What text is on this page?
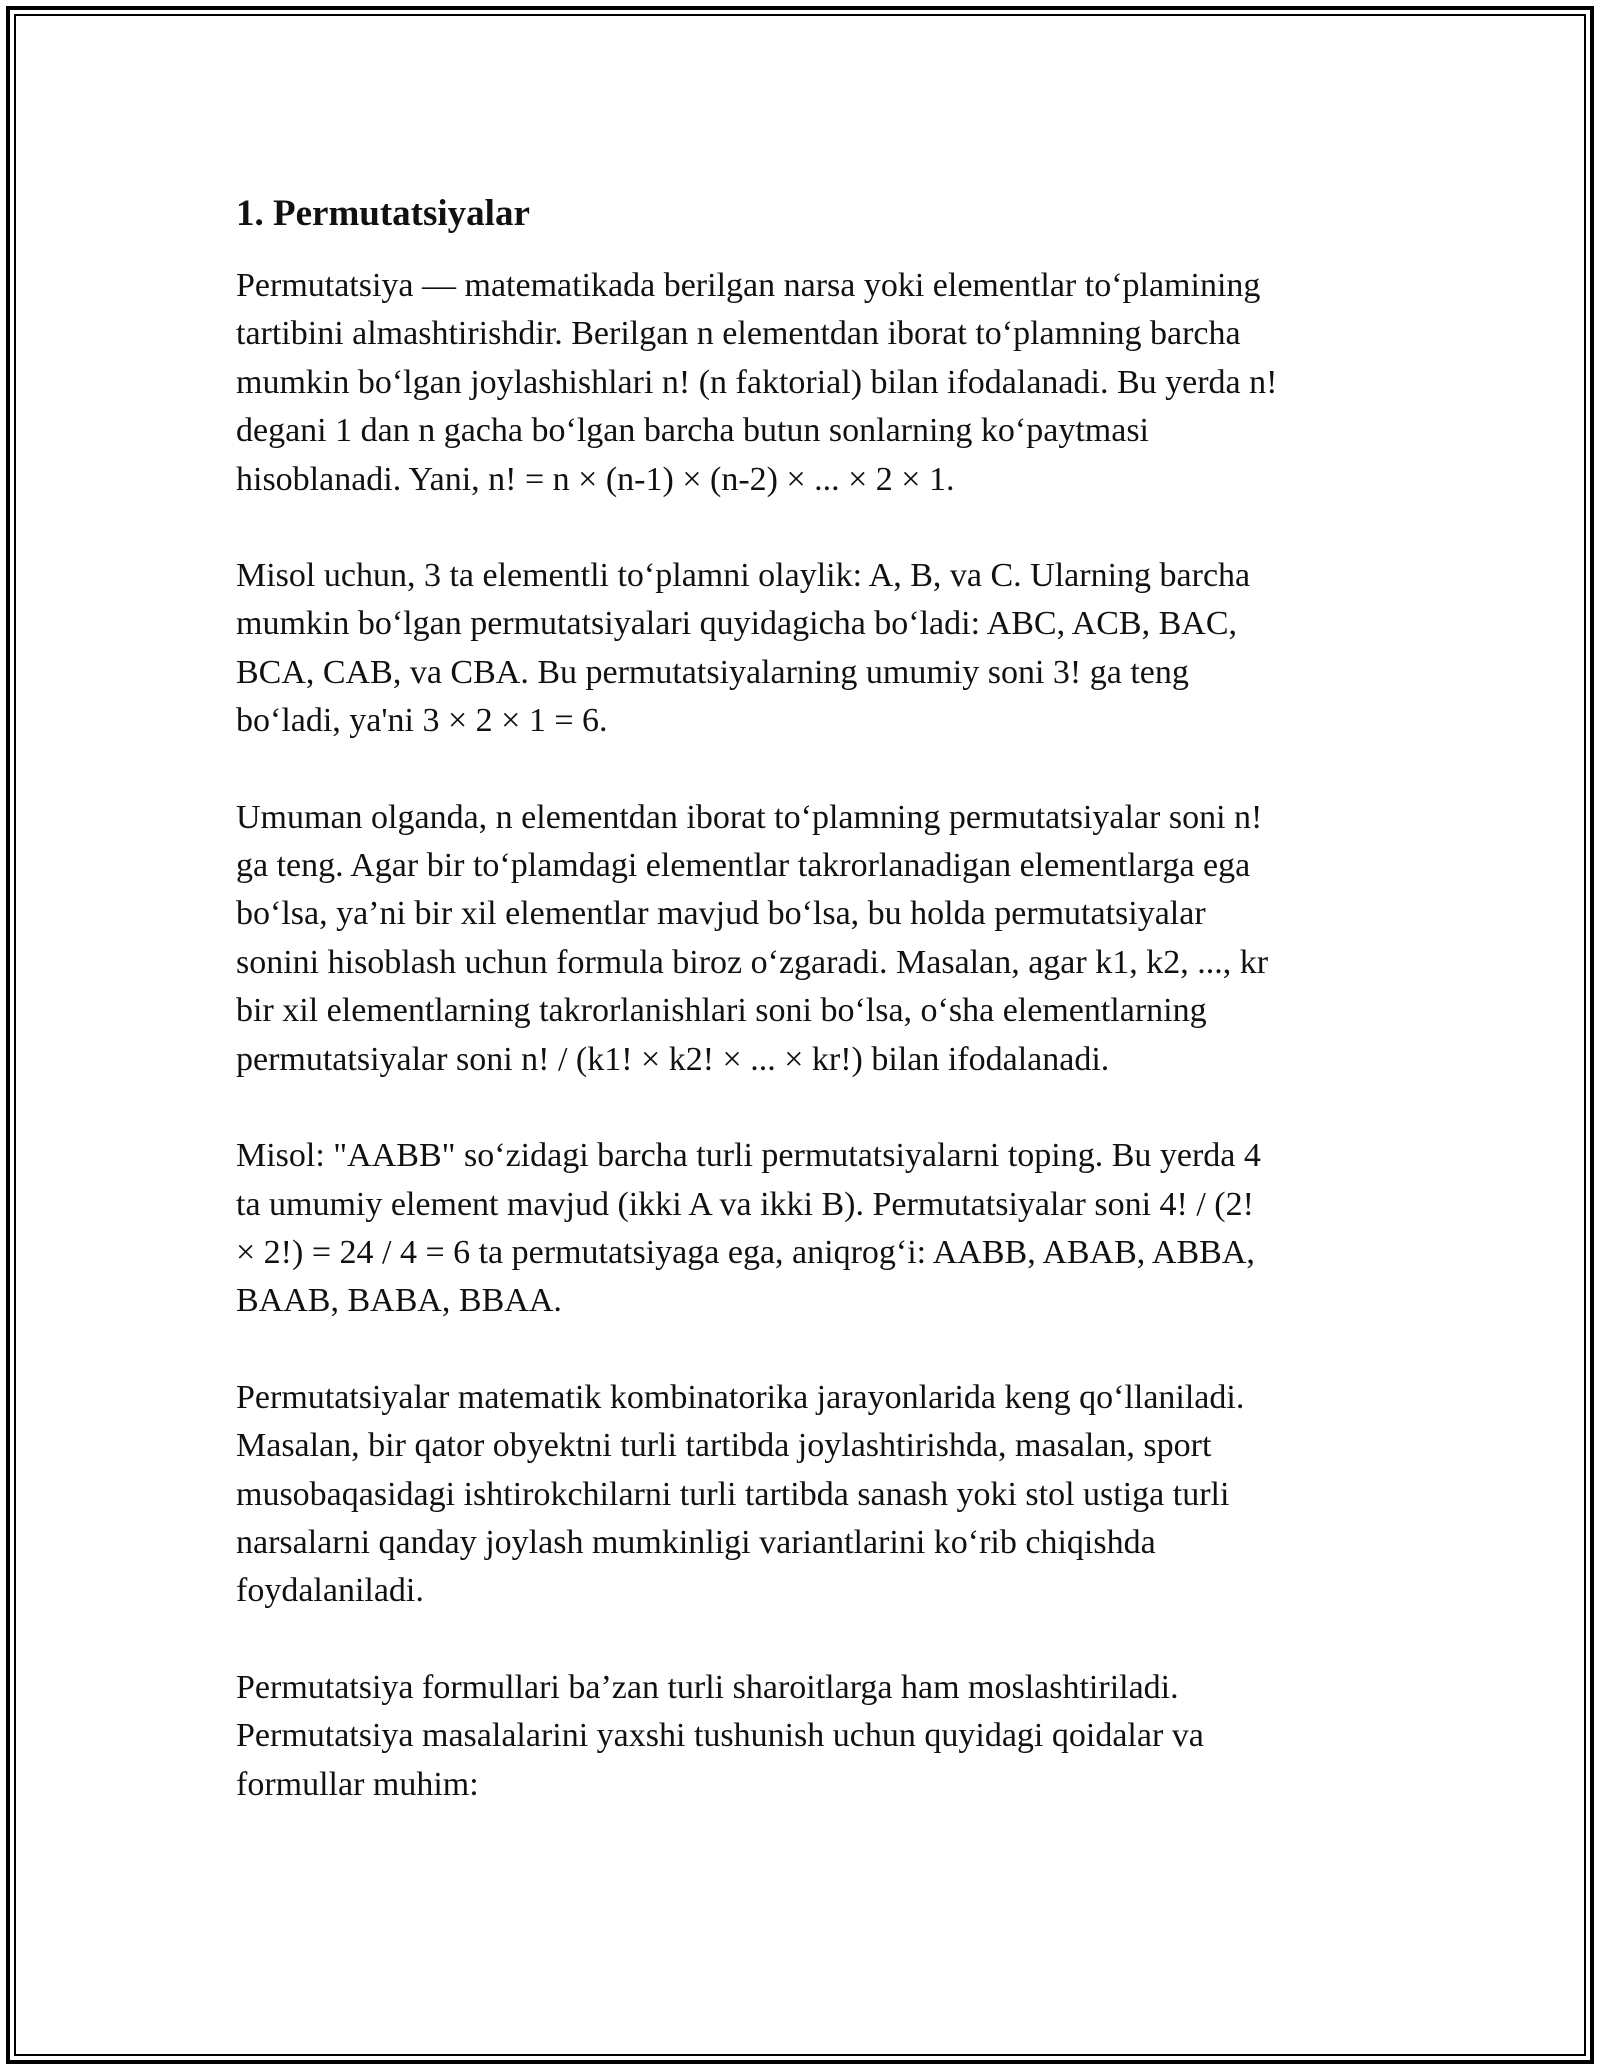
1. Permutatsiyalar

Permutatsiya — matematikada berilgan narsa yoki elementlar to‘plamining
tartibini almashtirishdir. Berilgan n elementdan iborat to‘plamning barcha
mumkin bo‘lgan joylashishlari n! (n faktorial) bilan ifodalanadi. Bu yerda n!
degani 1 dan n gacha bo‘lgan barcha butun sonlarning ko‘paytmasi
hisoblanadi. Yani, n! = n × (n-1) × (n-2) × ... × 2 × 1.

Misol uchun, 3 ta elementli to‘plamni olaylik: A, B, va C. Ularning barcha
mumkin bo‘lgan permutatsiyalari quyidagicha bo‘ladi: ABC, ACB, BAC,
BCA, CAB, va CBA. Bu permutatsiyalarning umumiy soni 3! ga teng
bo‘ladi, ya'ni 3 × 2 × 1 = 6.

Umuman olganda, n elementdan iborat to‘plamning permutatsiyalar soni n!
ga teng. Agar bir to‘plamdagi elementlar takrorlanadigan elementlarga ega
bo‘lsa, ya’ni bir xil elementlar mavjud bo‘lsa, bu holda permutatsiyalar
sonini hisoblash uchun formula biroz o‘zgaradi. Masalan, agar k1, k2, ..., kr
bir xil elementlarning takrorlanishlari soni bo‘lsa, o‘sha elementlarning
permutatsiyalar soni n! / (k1! × k2! × ... × kr!) bilan ifodalanadi.

Misol: "AABB" so‘zidagi barcha turli permutatsiyalarni toping. Bu yerda 4
ta umumiy element mavjud (ikki A va ikki B). Permutatsiyalar soni 4! / (2!
× 2!) = 24 / 4 = 6 ta permutatsiyaga ega, aniqrog‘i: AABB, ABAB, ABBA,
BAAB, BABA, BBAA.

Permutatsiyalar matematik kombinatorika jarayonlarida keng qo‘llaniladi.
Masalan, bir qator obyektni turli tartibda joylashtirishda, masalan, sport
musobaqasidagi ishtirokchilarni turli tartibda sanash yoki stol ustiga turli
narsalarni qanday joylash mumkinligi variantlarini ko‘rib chiqishda
foydalaniladi.

Permutatsiya formullari ba’zan turli sharoitlarga ham moslashtiriladi.
Permutatsiya masalalarini yaxshi tushunish uchun quyidagi qoidalar va
formullar muhim:
